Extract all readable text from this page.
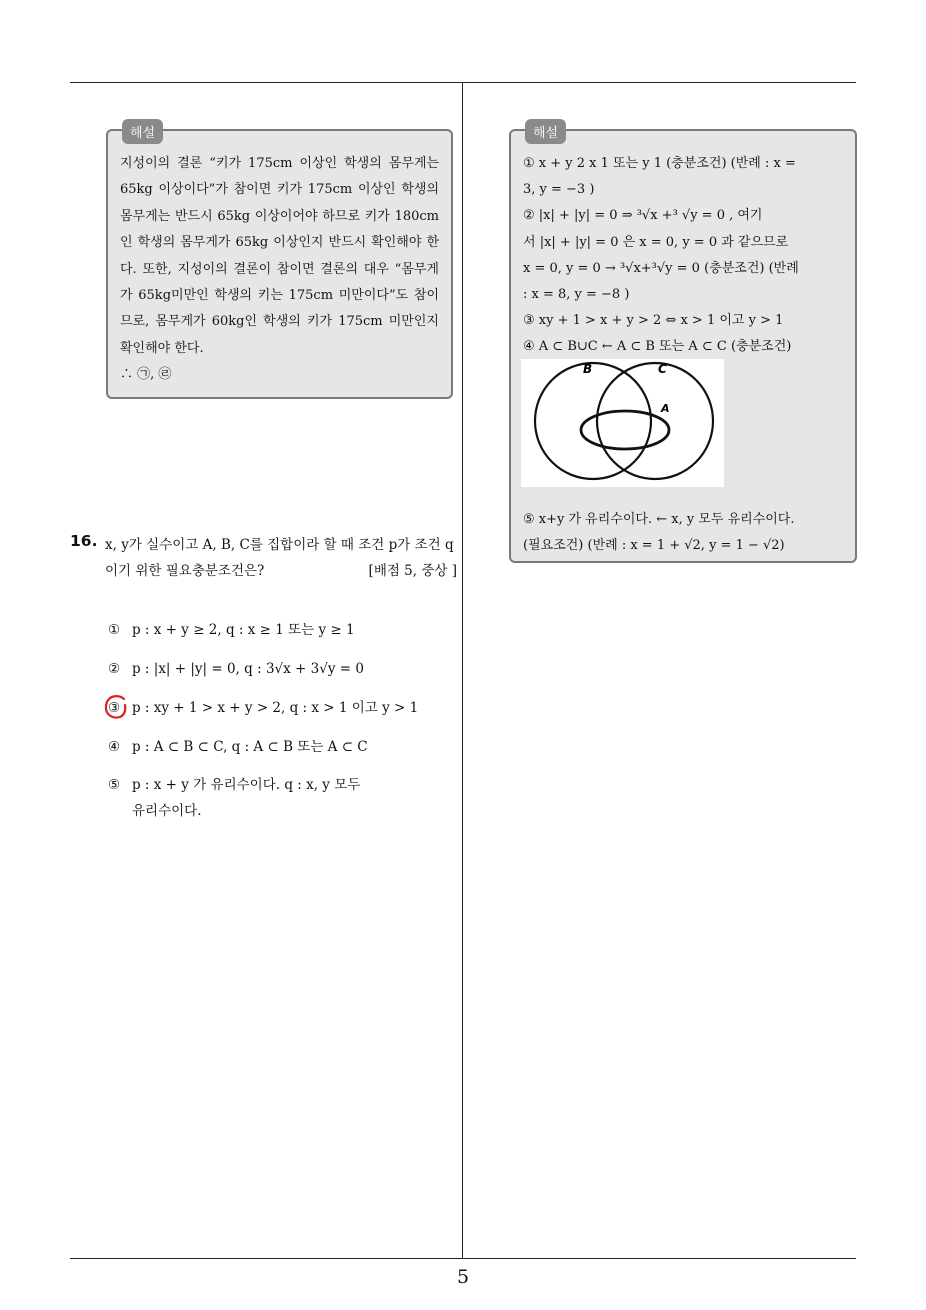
해설

지성이의 결론 “키가 175cm 이상인 학생의 몸무게는 65kg 이상이다”가 참이면 키가 175cm 이상인 학생의 몸무게는 반드시 65kg 이상이어야 하므로 키가 180cm인 학생의 몸무게가 65kg 이상인지 반드시 확인해야 한다. 또한, 지성이의 결론이 참이면 결론의 대우 “몸무게가 65kg미만인 학생의 키는 175cm 미만이다”도 참이므로, 몸무게가 60kg인 학생의 키가 175cm 미만인지 확인해야 한다.

∴ ㉠, ㉣

16. x, y가 실수이고 A, B, C를 집합이라 할 때 조건 p가 조건 q이기 위한 필요충분조건은?	[배점 5, 중상 ]
① p : x + y ≥ 2, q : x ≥ 1 또는 y ≥ 1
② p : |x| + |y| = 0, q : 3√x + 3√y = 0
③ p : xy + 1 > x + y > 2, q : x > 1 이고 y > 1
④ p : A ⊂ B ⊂ C, q : A ⊂ B 또는 A ⊂ C
⑤ p : x + y 가 유리수이다. q : x, y 모두
유리수이다.
해설
① x + y 2 x 1 또는 y 1 (충분조건) (반례 : x =
3, y = −3 )
② |x| + |y| = 0 ⇒ ³√x +³ √y = 0 , 여기
서 |x| + |y| = 0 은 x = 0, y = 0 과 같으므로
x = 0, y = 0 → ³√x+³√y = 0 (충분조건) (반례
: x = 8, y = −8 )
③ xy + 1 > x + y > 2 ⇔ x > 1 이고 y > 1
④ A ⊂ B∪C ← A ⊂ B 또는 A ⊂ C (충분조건)
⑤ x+y 가 유리수이다. ← x, y 모두 유리수이다.
(필요조건) (반례 : x = 1 + √2, y = 1 − √2)
B	C
A
5
